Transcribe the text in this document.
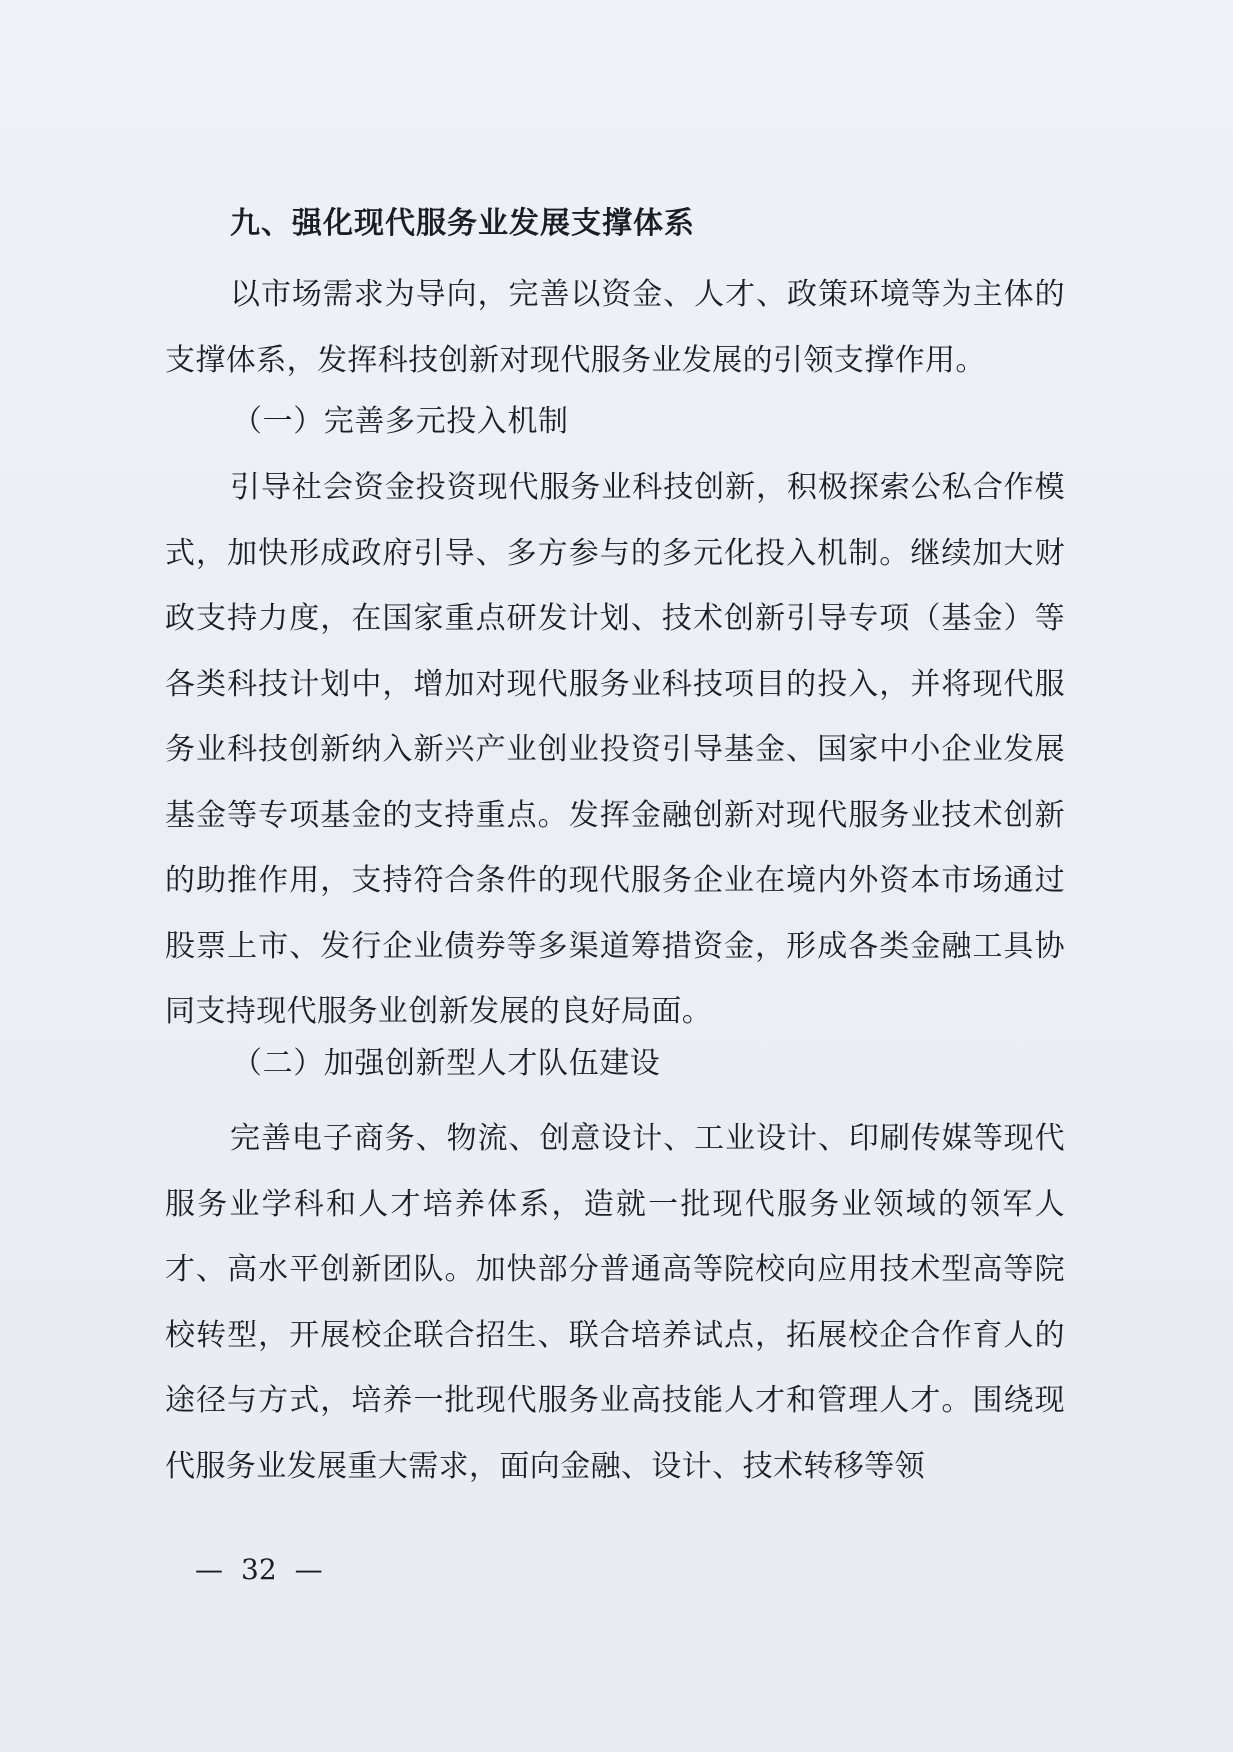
九、强化现代服务业发展支撑体系
以市场需求为导向，完善以资金、人才、政策环境等为主体的支撑体系，发挥科技创新对现代服务业发展的引领支撑作用。
（一）完善多元投入机制
引导社会资金投资现代服务业科技创新，积极探索公私合作模式，加快形成政府引导、多方参与的多元化投入机制。继续加大财政支持力度，在国家重点研发计划、技术创新引导专项（基金）等各类科技计划中，增加对现代服务业科技项目的投入，并将现代服务业科技创新纳入新兴产业创业投资引导基金、国家中小企业发展基金等专项基金的支持重点。发挥金融创新对现代服务业技术创新的助推作用，支持符合条件的现代服务企业在境内外资本市场通过股票上市、发行企业债券等多渠道筹措资金，形成各类金融工具协同支持现代服务业创新发展的良好局面。
（二）加强创新型人才队伍建设
完善电子商务、物流、创意设计、工业设计、印刷传媒等现代服务业学科和人才培养体系，造就一批现代服务业领域的领军人才、高水平创新团队。加快部分普通高等院校向应用技术型高等院校转型，开展校企联合招生、联合培养试点，拓展校企合作育人的途径与方式，培养一批现代服务业高技能人才和管理人才。围绕现代服务业发展重大需求，面向金融、设计、技术转移等领
— 32 —
